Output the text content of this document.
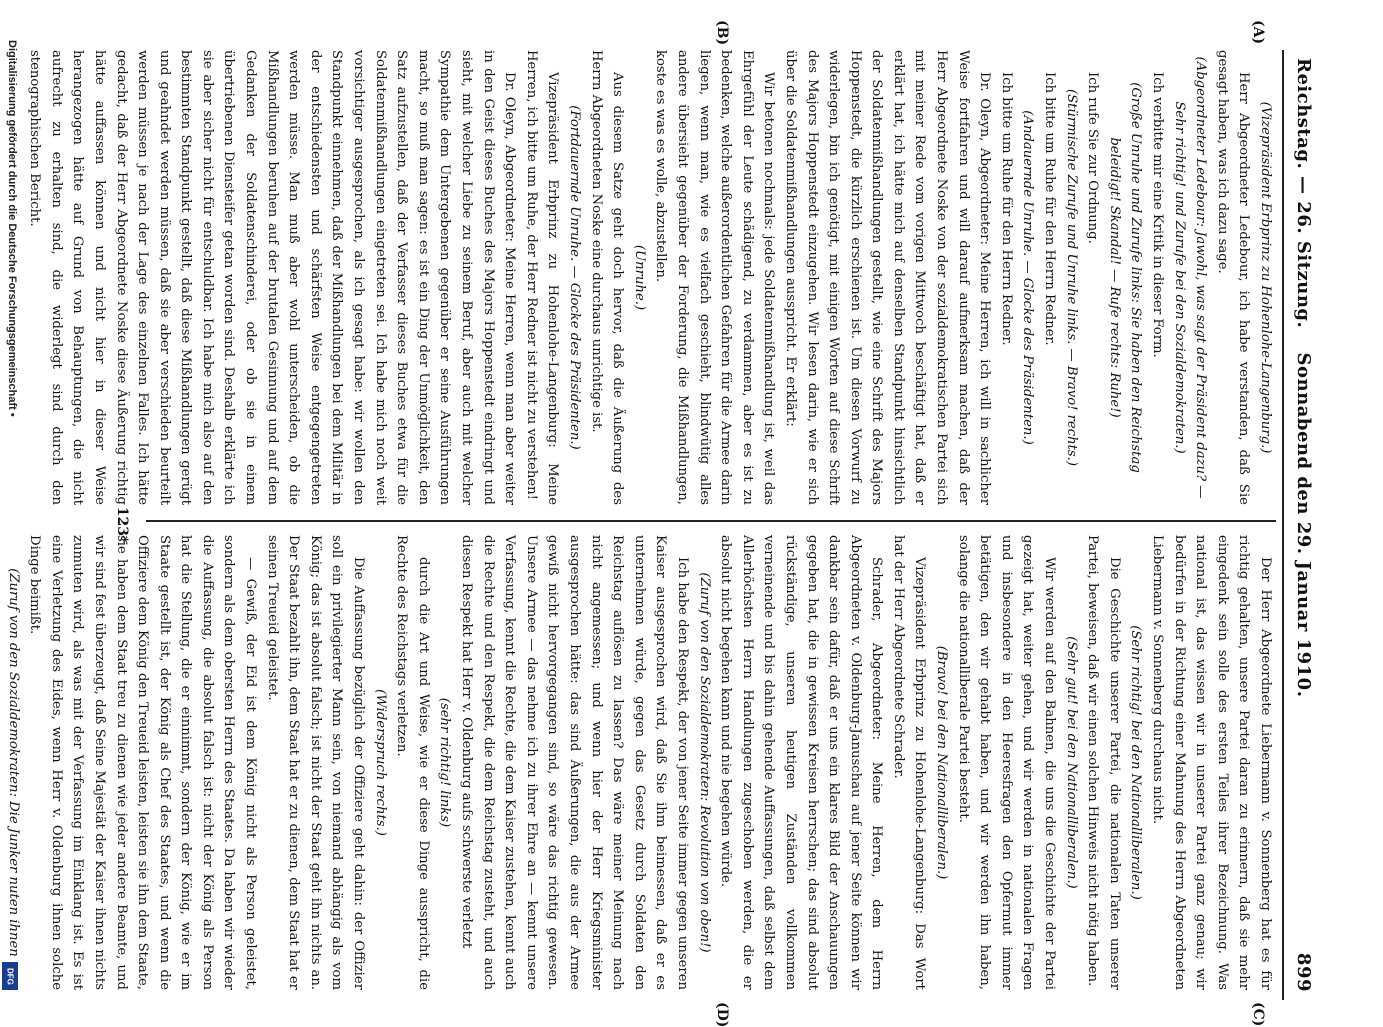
Digitalisierung gefördert durch die Deutsche Forschungsgemeinschaft •
DFG
Reichstag. — 26. Sitzung.
Sonnabend den 29. Januar 1910.
899
(A)
(B)
(C)
(D)

(Vizepräsident Erbprinz zu Hohenlohe-Langenburg.)

Herr Abgeordneter Ledebour, ich habe verstanden, daß Sie gesagt haben, was ich dazu sage.

(Abgeordneter Ledebour: Jawohl, was sagt der Präsident dazu? — Sehr richtig! und Zurufe bei den Sozialdemokraten.)

Ich verbitte mir eine Kritik in dieser Form.

(Große Unruhe und Zurufe links: Sie haben den Reichstag beleidigt! Skandal! — Rufe rechts: Ruhe!)

Ich rufe Sie zur Ordnung.

(Stürmische Zurufe und Unruhe links. — Bravo! rechts.)

Ich bitte um Ruhe für den Herrn Redner.

(Andauernde Unruhe. — Glocke des Präsidenten.)

Ich bitte um Ruhe für den Herrn Redner.

Dr. Oleyn, Abgeordneter: Meine Herren, ich will in sachlicher Weise fortfahren und will darauf aufmerksam machen, daß der Herr Abgeordnete Noske von der sozialdemokratischen Partei sich mit meiner Rede vom vorigen Mittwoch beschäftigt hat, daß er erklärt hat, ich hätte mich auf denselben Standpunkt hinsichtlich der Soldatenmißhandlungen gestellt, wie eine Schrift des Majors Hoppenstedt, die kürzlich erschienen ist. Um diesen Vorwurf zu widerlegen, bin ich genötigt, mit einigen Worten auf diese Schrift des Majors Hoppenstedt einzugehen. Wir lesen darin, wie er sich über die Soldatenmißhandlungen ausspricht. Er erklärt:

Wir betonen nochmals: jede Soldatenmißhandlung ist, weil das Ehrgefühl der Leute schädigend, zu verdammen, aber es ist zu bedenken, welche außerordentlichen Gefahren für die Armee darin liegen, wenn man, wie es vielfach geschieht, blindwütig alles andere übersieht gegenüber der Forderung, die Mißhandlungen, koste es was es wolle, abzustellen.

(Unruhe.)

Aus diesem Satze geht doch hervor, daß die Äußerung des Herrn Abgeordneten Noske eine durchaus unrichtige ist.

(Fortdauernde Unruhe. — Glocke des Präsidenten.)

Vizepräsident Erbprinz zu Hohenlohe-Langenburg: Meine Herren, ich bitte um Ruhe, der Herr Redner ist nicht zu verstehen!

Dr. Oleyn, Abgeordneter: Meine Herren, wenn man aber weiter in den Geist dieses Buches des Majors Hoppenstedt eindringt und sieht, mit welcher Liebe zu seinem Beruf, aber auch mit welcher Sympathie dem Untergebenen gegenüber er seine Ausführungen macht, so muß man sagen: es ist ein Ding der Unmöglichkeit, den Satz aufzustellen, daß der Verfasser dieses Buches etwa für die Soldatenmißhandlungen eingetreten sei. Ich habe mich noch weit vorsichtiger ausgesprochen, als ich gesagt habe: wir wollen den Standpunkt einnehmen, daß der Mißhandlungen bei dem Militär in der entschiedensten und schärfsten Weise entgegengetreten werden müsse. Man muß aber wohl unterscheiden, ob die Mißhandlungen beruhen auf der brutalen Gesinnung und auf dem Gedanken der Soldatenschinderei, oder ob sie in einem übertriebenen Diensteifer getan worden sind. Deshalb erklärte ich sie aber sicher nicht für entschuldbar. Ich habe mich also auf den bestimmten Standpunkt gestellt, daß diese Mißhandlungen gerügt und geahndet werden müssen, daß sie aber verschieden beurteilt werden müssen je nach der Lage des einzelnen Falles. Ich hätte gedacht, daß der Herr Abgeordnete Noske diese Äußerung richtig hätte auffassen können und nicht hier in dieser Weise herangezogen hätte auf Grund von Behauptungen, die nicht aufrecht zu erhalten sind, die widerlegt sind durch den stenographischen Bericht.

Der Herr Abgeordnete Liebermann v. Sonnenberg hat es für richtig gehalten, unsere Partei daran zu erinnern, daß sie mehr eingedenk sein solle des ersten Teiles ihrer Bezeichnung. Was national ist, das wissen wir in unserer Partei ganz genau; wir bedürfen in der Richtung einer Mahnung des Herrn Abgeordneten Liebermann v. Sonnenberg durchaus nicht.

(Sehr richtig! bei den Nationalliberalen.)

Die Geschichte unserer Partei, die nationalen Taten unserer Partei, beweisen, daß wir einen solchen Hinweis nicht nötig haben.

(Sehr gut! bei den Nationalliberalen.)

Wir werden auf den Bahnen, die uns die Geschichte der Partei gezeigt hat, weiter gehen, und wir werden in nationalen Fragen und insbesondere in den Heeresfragen den Opfermut immer betätigen, den wir gehabt haben, und wir werden ihn haben, solange die nationalliberale Partei besteht.

(Bravo! bei den Nationalliberalen.)

Vizepräsident Erbprinz zu Hohenlohe-Langenburg: Das Wort hat der Herr Abgeordnete Schrader.

Schrader, Abgeordneter: Meine Herren, dem Herrn Abgeordneten v. Oldenburg-Januschau auf jener Seite können wir dankbar sein dafür, daß er uns ein klares Bild der Anschauungen gegeben hat, die in gewissen Kreisen herrschen; das sind absolut rückständige, unseren heutigen Zuständen vollkommen verneinende und bis dahin gehende Auffassungen, daß selbst dem Allerhöchsten Herrn Handlungen zugeschoben werden, die er absolut nicht begehen kann und nie begehen würde.

(Zuruf von den Sozialdemokraten: Revolution von oben!)

Ich habe den Respekt, der von jener Seite immer gegen unseren Kaiser ausgesprochen wird, daß Sie ihm beimessen, daß er es unternehmen würde, gegen das Gesetz durch Soldaten den Reichstag auflösen zu lassen? Das wäre meiner Meinung nach nicht angemessen; und wenn hier der Herr Kriegsminister ausgesprochen hätte: das sind Äußerungen, die aus der Armee gewiß nicht hervorgegangen sind, so wäre das richtig gewesen. Unsere Armee — das nehme ich zu ihrer Ehre an — kennt unsere Verfassung, kennt die Rechte, die dem Kaiser zustehen, kennt auch die Rechte und den Respekt, die dem Reichstag zusteht, und auch diesen Respekt hat Herr v. Oldenburg aufs schwerste verletzt

(sehr richtig! links)

durch die Art und Weise, wie er diese Dinge ausspricht, die Rechte des Reichstags verletzen.

(Widerspruch rechts.)

Die Auffassung bezüglich der Offiziere geht dahin: der Offizier soll ein privilegierter Mann sein, von niemand abhängig als vom König; das ist absolut falsch; ist nicht der Staat geht ihn nichts an. Der Staat bezahlt ihn, dem Staat hat er zu dienen, dem Staat hat er seinen Treueid geleistet.

— Gewiß, der Eid ist dem König nicht als Person geleistet, sondern als dem obersten Herrn des Staates. Da haben wir wieder die Auffassung, die absolut falsch ist: nicht der König als Person hat die Stellung, die er einnimmt, sondern der König, wie er im Staate gestellt ist, der König als Chef des Staates, und wenn die Offiziere dem König den Treueid leisten, leisten sie ihn dem Staate, sie haben dem Staat treu zu dienen wie jeder andere Beamte, und wir sind fest überzeugt, daß Seine Majestät der Kaiser ihnen nichts zumuten wird, als was mit der Verfassung im Einklang ist. Es ist eine Verletzung des Eides, wenn Herr v. Oldenburg ihnen solche Dinge beimißt.

(Zuruf von den Sozialdemokraten: Die Junker nuten ihnen

123*
